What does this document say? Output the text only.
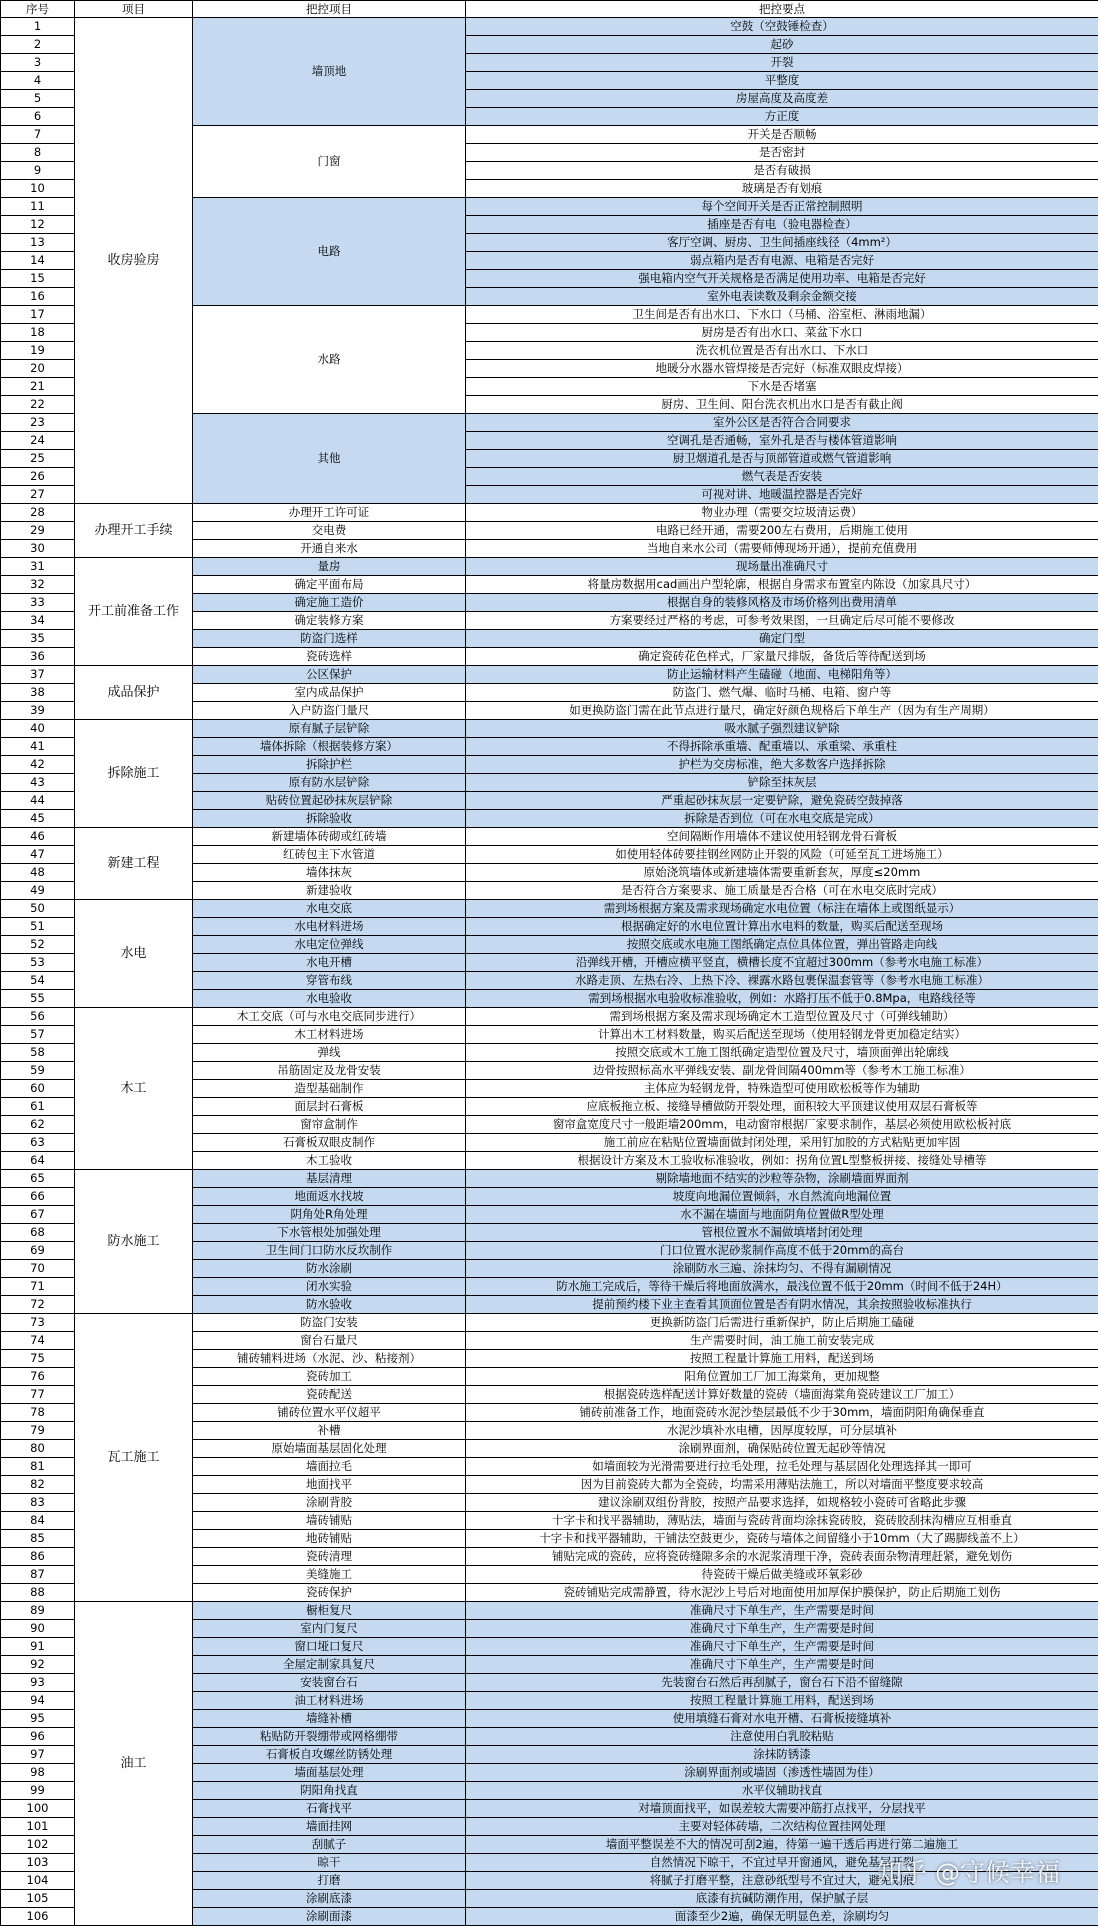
序号	项目	把控项目	把控要点
1	收房验房	墙顶地	空鼓（空鼓锤检查）
2			起砂
3			开裂
4			平整度
5			房屋高度及高度差
6			方正度
7		门窗	开关是否顺畅
8			是否密封
9			是否有破损
10			玻璃是否有划痕
11		电路	每个空间开关是否正常控制照明
12			插座是否有电（验电器检查）
13			客厅空调、厨房、卫生间插座线径（4mm²）
14			弱点箱内是否有电源、电箱是否完好
15			强电箱内空气开关规格是否满足使用功率、电箱是否完好
16			室外电表读数及剩余金额交接
17		水路	卫生间是否有出水口、下水口（马桶、浴室柜、淋雨地漏）
18			厨房是否有出水口、菜盆下水口
19			洗衣机位置是否有出水口、下水口
20			地暖分水器水管焊接是否完好（标准双眼皮焊接）
21			下水是否堵塞
22			厨房、卫生间、阳台洗衣机出水口是否有截止阀
23		其他	室外公区是否符合合同要求
24			空调孔是否通畅，室外孔是否与楼体管道影响
25			厨卫烟道孔是否与顶部管道或燃气管道影响
26			燃气表是否安装
27			可视对讲、地暖温控器是否完好
28	办理开工手续	办理开工许可证	物业办理（需要交垃圾清运费）
29		交电费	电路已经开通，需要200左右费用，后期施工使用
30		开通自来水	当地自来水公司（需要师傅现场开通），提前充值费用
31	开工前准备工作	量房	现场量出准确尺寸
32		确定平面布局	将量房数据用cad画出户型轮廓，根据自身需求布置室内陈设（加家具尺寸）
33		确定施工造价	根据自身的装修风格及市场价格列出费用清单
34		确定装修方案	方案要经过严格的考虑，可参考效果图，一旦确定后尽可能不要修改
35		防盗门选样	确定门型
36		瓷砖选样	确定瓷砖花色样式，厂家量尺排版，备货后等待配送到场
37	成品保护	公区保护	防止运输材料产生磕碰（地面、电梯阳角等）
38		室内成品保护	防盗门、燃气爆、临时马桶、电箱、窗户等
39		入户防盗门量尺	如更换防盗门需在此节点进行量尺，确定好颜色规格后下单生产（因为有生产周期）
40	拆除施工	原有腻子层铲除	吸水腻子强烈建议铲除
41		墙体拆除（根据装修方案）	不得拆除承重墙、配重墙以、承重梁、承重柱
42		拆除护栏	护栏为交房标准，绝大多数客户选择拆除
43		原有防水层铲除	铲除至抹灰层
44		贴砖位置起砂抹灰层铲除	严重起砂抹灰层一定要铲除，避免瓷砖空鼓掉落
45		拆除验收	拆除是否到位（可在水电交底是完成）
46	新建工程	新建墙体砖砌或红砖墙	空间隔断作用墙体不建议使用轻钢龙骨石膏板
47		红砖包主下水管道	如使用轻体砖要挂钢丝网防止开裂的风险（可延至瓦工进场施工）
48		墙体抹灰	原始浇筑墙体或新建墙体需要重新套灰，厚度≤20mm
49		新建验收	是否符合方案要求、施工质量是否合格（可在水电交底时完成）
50	水电	水电交底	需到场根据方案及需求现场确定水电位置（标注在墙体上或图纸显示）
51		水电材料进场	根据确定好的水电位置计算出水电料的数量，购买后配送至现场
52		水电定位弹线	按照交底或水电施工图纸确定点位具体位置，弹出管路走向线
53		水电开槽	沿弹线开槽，开槽应横平竖直，横槽长度不宜超过300mm（参考水电施工标准）
54		穿管布线	水路走顶、左热右冷、上热下冷、裸露水路包裹保温套管等（参考水电施工标准）
55		水电验收	需到场根据水电验收标准验收，例如：水路打压不低于0.8Mpa，电路线径等
56	木工	木工交底（可与水电交底同步进行）	需到场根据方案及需求现场确定木工造型位置及尺寸（可弹线辅助）
57		木工材料进场	计算出木工材料数量，购买后配送至现场（使用轻钢龙骨更加稳定结实）
58		弹线	按照交底或木工施工图纸确定造型位置及尺寸，墙顶面弹出轮廓线
59		吊筋固定及龙骨安装	边骨按照标高水平弹线安装、副龙骨间隔400mm等（参考木工施工标准）
60		造型基础制作	主体应为轻钢龙骨，特殊造型可使用欧松板等作为辅助
61		面层封石膏板	应底板拖立板、接缝导槽做防开裂处理，面积较大平顶建议使用双层石膏板等
62		窗帘盒制作	窗帘盒宽度尺寸一般距墙200mm，电动窗帘根据厂家要求制作，基层必须使用欧松板衬底
63		石膏板双眼皮制作	施工前应在粘贴位置墙面做封闭处理，采用钉加胶的方式粘贴更加牢固
64		木工验收	根据设计方案及木工验收标准验收，例如：拐角位置L型整板拼接、接缝处导槽等
65	防水施工	基层清理	剔除墙地面不结实的沙粒等杂物，涂刷墙面界面剂
66		地面返水找坡	坡度向地漏位置倾斜，水自然流向地漏位置
67		阴角处R角处理	水不漏在墙面与地面阴角位置做R型处理
68		下水管根处加强处理	管根位置水不漏做填堵封闭处理
69		卫生间门口防水反坎制作	门口位置水泥砂浆制作高度不低于20mm的高台
70		防水涂刷	涂刷防水三遍、涂抹均匀、不得有漏刷情况
71		闭水实验	防水施工完成后，等待干燥后将地面放满水，最浅位置不低于20mm（时间不低于24H）
72		防水验收	提前预约楼下业主查看其顶面位置是否有阴水情况，其余按照验收标准执行
73	瓦工施工	防盗门安装	更换新防盗门后需进行重新保护，防止后期施工磕碰
74		窗台石量尺	生产需要时间，油工施工前安装完成
75		铺砖辅料进场（水泥、沙、粘接剂）	按照工程量计算施工用料，配送到场
76		瓷砖加工	阳角位置加工厂加工海棠角，更加规整
77		瓷砖配送	根据瓷砖选样配送计算好数量的瓷砖（墙面海棠角瓷砖建议工厂加工）
78		铺砖位置水平仪超平	铺砖前准备工作，地面瓷砖水泥沙垫层最低不少于30mm，墙面阴阳角确保垂直
79		补槽	水泥沙填补水电槽，因厚度较厚，可分层填补
80		原始墙面基层固化处理	涂刷界面剂，确保贴砖位置无起砂等情况
81		墙面拉毛	如墙面较为光滑需要进行拉毛处理，拉毛处理与基层固化处理选择其一即可
82		地面找平	因为目前瓷砖大都为全瓷砖，均需采用薄贴法施工，所以对墙面平整度要求较高
83		涂刷背胶	建议涂刷双组份背胶，按照产品要求选择，如规格较小瓷砖可省略此步骤
84		墙砖铺贴	十字卡和找平器辅助，薄贴法，墙面与瓷砖背面均涂抹瓷砖胶，瓷砖胶刮抹沟槽应互相垂直
85		地砖铺贴	十字卡和找平器辅助，干铺法空鼓更少，瓷砖与墙体之间留缝小于10mm（大了踢脚线盖不上）
86		瓷砖清理	铺贴完成的瓷砖，应将瓷砖缝隙多余的水泥浆清理干净，瓷砖表面杂物清理赶紧，避免划伤
87		美缝施工	待瓷砖干燥后做美缝或环氧彩砂
88		瓷砖保护	瓷砖铺贴完成需静置，待水泥沙上号后对地面使用加厚保护膜保护，防止后期施工划伤
89	油工	橱柜复尺	准确尺寸下单生产，生产需要是时间
90		室内门复尺	准确尺寸下单生产，生产需要是时间
91		窗口垭口复尺	准确尺寸下单生产，生产需要是时间
92		全屋定制家具复尺	准确尺寸下单生产，生产需要是时间
93		安装窗台石	先装窗台石然后再刮腻子，窗台石下沿不留缝隙
94		油工材料进场	按照工程量计算施工用料，配送到场
95		墙缝补槽	使用填缝石膏对水电开槽、石膏板接缝填补
96		粘贴防开裂绷带或网格绷带	注意使用白乳胶粘贴
97		石膏板自攻螺丝防锈处理	涂抹防锈漆
98		墙面基层处理	涂刷界面剂或墙固（渗透性墙固为佳）
99		阴阳角找直	水平仪辅助找直
100		石膏找平	对墙顶面找平，如误差较大需要冲筋打点找平，分层找平
101		墙面挂网	主要对轻体砖墙，二次结构位置挂网处理
102		刮腻子	墙面平整误差不大的情况可刮2遍，待第一遍干透后再进行第二遍施工
103		晾干	自然情况下晾干，不宜过早开窗通风，避免基层开裂
104		打磨	将腻子打磨平整，注意砂纸型号不宜过大，避免划痕
105		涂刷底漆	底漆有抗碱防潮作用，保护腻子层
106		涂刷面漆	面漆至少2遍，确保无明显色差，涂刷均匀
知乎 @守候幸福
